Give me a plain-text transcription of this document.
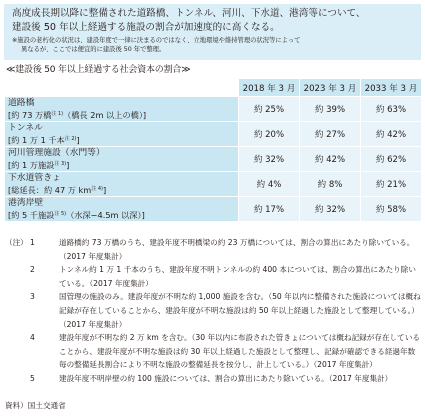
高度成長期以降に整備された道路橋、トンネル、河川、下水道、港湾等について、
建設後 50 年以上経過する施設の割合が加速度的に高くなる。
※施設の老朽化の状況は、建設年度で一律に決まるのではなく、立地環境や維持管理の状況等によって
異なるが、ここでは便宜的に建設後 50 年で整理。
≪建設後 50 年以上経過する社会資本の割合≫
	2018 年 3 月	2023 年 3 月	2033 年 3 月

道路橋
[約 73 万橋$^{注 1)}$（橋長 2m 以上の橋）]	約 25%	約 39%	約 63%

トンネル
[約 1 万 1 千本$^{注 2)}$]	約 20%	約 27%	約 42%

河川管理施設（水門等）
[約 1 万施設$^{注 3)}$]	約 32%	約 42%	約 62%

下水道管きょ
[総延長：約 47 万 $km^{注 4)}$]	約 4%	約 8%	約 21%

港湾岸壁
[約 5 千施設$^{注 5)}$（水深−4.5m 以深）]	約 17%	約 32%	約 58%
（注） 1	道路橋約 73 万橋のうち、建設年度不明橋梁の約 23 万橋については、割合の算出にあたり除いている。（2017 年度集計）
2	トンネル約 1 万 1 千本のうち、建設年度不明トンネルの約 400 本については、割合の算出にあたり除いている。（2017 年度集計）
3	国管理の施設のみ。建設年度が不明な約 1,000 施設を含む。（50 年以内に整備された施設については概ね記録が存在していることから、建設年度が不明な施設は約 50 年以上経過した施設として整理している。）（2017 年度集計）
4	建設年度が不明な約 2 万 km を含む。（30 年以内に布設された管きょについては概ね記録が存在していることから、建設年度が不明な施設は約 30 年以上経過した施設として整理し、記録が確認できる経過年数毎の整備延長割合により不明な施設の整備延長を按分し、計上している。）（2017 年度集計）
5	建設年度不明岸壁の約 100 施設については、割合の算出にあたり除いている。（2017 年度集計）
資料）国土交通省
